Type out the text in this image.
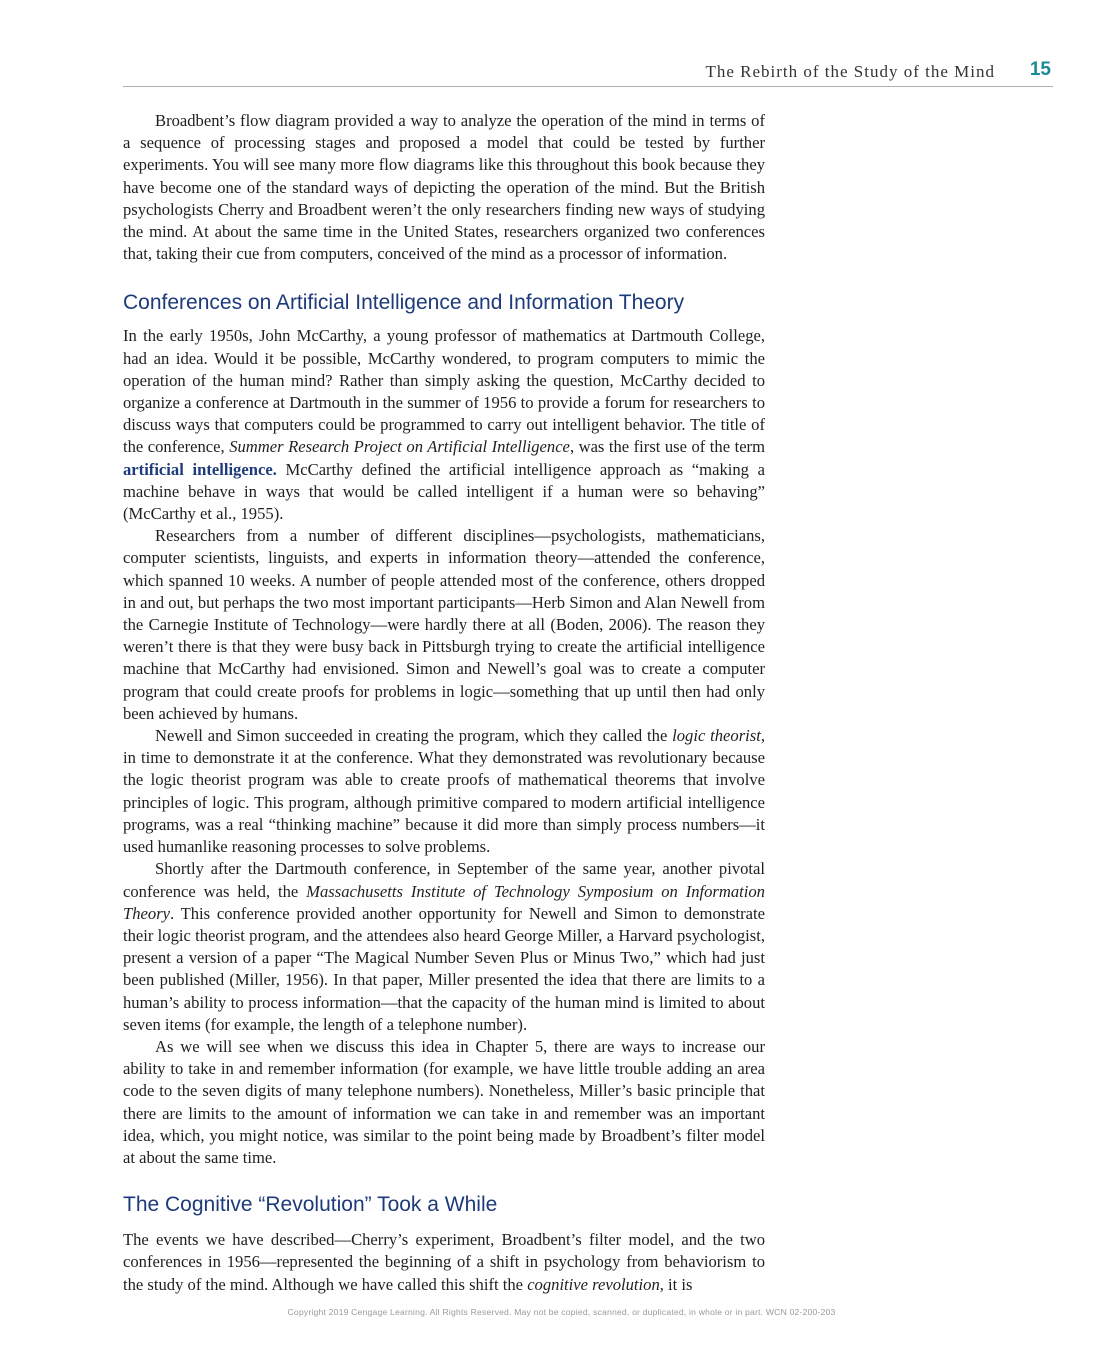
The Rebirth of the Study of the Mind 15

Broadbent’s flow diagram provided a way to analyze the operation of the mind in terms of a sequence of processing stages and proposed a model that could be tested by further experiments. You will see many more flow diagrams like this throughout this book because they have become one of the standard ways of depicting the operation of the mind. But the British psychologists Cherry and Broadbent weren’t the only researchers finding new ways of studying the mind. At about the same time in the United States, researchers organized two conferences that, taking their cue from computers, conceived of the mind as a processor of information.

Conferences on Artificial Intelligence and Information Theory

In the early 1950s, John McCarthy, a young professor of mathematics at Dartmouth College, had an idea. Would it be possible, McCarthy wondered, to program computers to mimic the operation of the human mind? Rather than simply asking the question, McCarthy decided to organize a conference at Dartmouth in the summer of 1956 to provide a forum for researchers to discuss ways that computers could be programmed to carry out intelligent behavior. The title of the conference, Summer Research Project on Artificial Intelligence, was the first use of the term artificial intelligence. McCarthy defined the artificial intelligence approach as “making a machine behave in ways that would be called intelligent if a human were so behaving” (McCarthy et al., 1955).

Researchers from a number of different disciplines—psychologists, mathematicians, computer scientists, linguists, and experts in information theory—attended the conference, which spanned 10 weeks. A number of people attended most of the conference, others dropped in and out, but perhaps the two most important participants—Herb Simon and Alan Newell from the Carnegie Institute of Technology—were hardly there at all (Boden, 2006). The reason they weren’t there is that they were busy back in Pittsburgh trying to create the artificial intelligence machine that McCarthy had envisioned. Simon and Newell’s goal was to create a computer program that could create proofs for problems in logic—something that up until then had only been achieved by humans.

Newell and Simon succeeded in creating the program, which they called the logic theorist, in time to demonstrate it at the conference. What they demonstrated was revolutionary because the logic theorist program was able to create proofs of mathematical theorems that involve principles of logic. This program, although primitive compared to modern artificial intelligence programs, was a real “thinking machine” because it did more than simply process numbers—it used humanlike reasoning processes to solve problems.

Shortly after the Dartmouth conference, in September of the same year, another pivotal conference was held, the Massachusetts Institute of Technology Symposium on Information Theory. This conference provided another opportunity for Newell and Simon to demonstrate their logic theorist program, and the attendees also heard George Miller, a Harvard psychologist, present a version of a paper “The Magical Number Seven Plus or Minus Two,” which had just been published (Miller, 1956). In that paper, Miller presented the idea that there are limits to a human’s ability to process information—that the capacity of the human mind is limited to about seven items (for example, the length of a telephone number).

As we will see when we discuss this idea in Chapter 5, there are ways to increase our ability to take in and remember information (for example, we have little trouble adding an area code to the seven digits of many telephone numbers). Nonetheless, Miller’s basic principle that there are limits to the amount of information we can take in and remember was an important idea, which, you might notice, was similar to the point being made by Broadbent’s filter model at about the same time.

The Cognitive “Revolution” Took a While

The events we have described—Cherry’s experiment, Broadbent’s filter model, and the two conferences in 1956—represented the beginning of a shift in psychology from behaviorism to the study of the mind. Although we have called this shift the cognitive revolution, it is

Copyright 2019 Cengage Learning. All Rights Reserved. May not be copied, scanned, or duplicated, in whole or in part. WCN 02-200-203
